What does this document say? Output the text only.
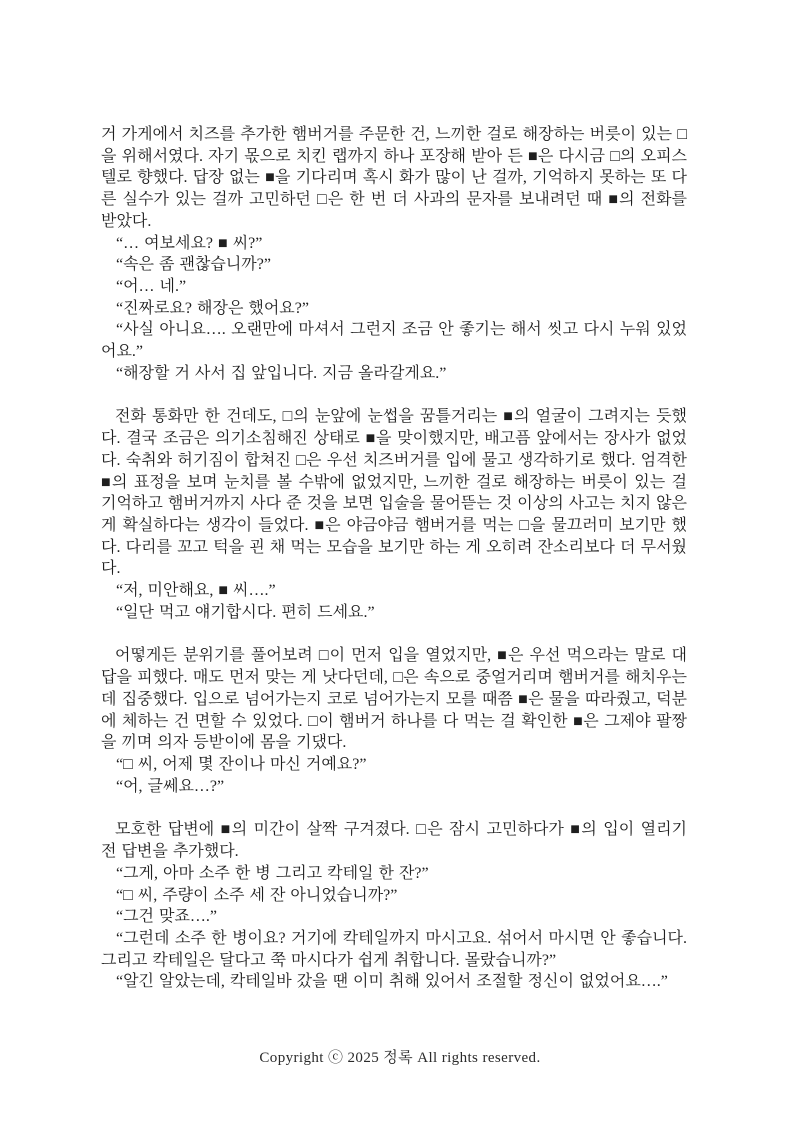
거 가게에서 치즈를 추가한 햄버거를 주문한 건, 느끼한 걸로 해장하는 버릇이 있는 □을 위해서였다. 자기 몫으로 치킨 랩까지 하나 포장해 받아 든 ■은 다시금 □의 오피스텔로 향했다. 답장 없는 ■을 기다리며 혹시 화가 많이 난 걸까, 기억하지 못하는 또 다른 실수가 있는 걸까 고민하던 □은 한 번 더 사과의 문자를 보내려던 때 ■의 전화를 받았다.

“… 여보세요? ■ 씨?”

“속은 좀 괜찮습니까?”

“어… 네.”

“진짜로요? 해장은 했어요?”

“사실 아니요…. 오랜만에 마셔서 그런지 조금 안 좋기는 해서 씻고 다시 누워 있었어요.”

“해장할 거 사서 집 앞입니다. 지금 올라갈게요.”

전화 통화만 한 건데도, □의 눈앞에 눈썹을 꿈틀거리는 ■의 얼굴이 그려지는 듯했다. 결국 조금은 의기소침해진 상태로 ■을 맞이했지만, 배고픔 앞에서는 장사가 없었다. 숙취와 허기짐이 합쳐진 □은 우선 치즈버거를 입에 물고 생각하기로 했다. 엄격한 ■의 표정을 보며 눈치를 볼 수밖에 없었지만, 느끼한 걸로 해장하는 버릇이 있는 걸 기억하고 햄버거까지 사다 준 것을 보면 입술을 물어뜯는 것 이상의 사고는 치지 않은 게 확실하다는 생각이 들었다. ■은 야금야금 햄버거를 먹는 □을 물끄러미 보기만 했다. 다리를 꼬고 턱을 괸 채 먹는 모습을 보기만 하는 게 오히려 잔소리보다 더 무서웠다.

“저, 미안해요, ■ 씨….”

“일단 먹고 얘기합시다. 편히 드세요.”

어떻게든 분위기를 풀어보려 □이 먼저 입을 열었지만, ■은 우선 먹으라는 말로 대답을 피했다. 매도 먼저 맞는 게 낫다던데, □은 속으로 중얼거리며 햄버거를 해치우는 데 집중했다. 입으로 넘어가는지 코로 넘어가는지 모를 때쯤 ■은 물을 따라줬고, 덕분에 체하는 건 면할 수 있었다. □이 햄버거 하나를 다 먹는 걸 확인한 ■은 그제야 팔짱을 끼며 의자 등받이에 몸을 기댔다.

“□ 씨, 어제 몇 잔이나 마신 거예요?”

“어, 글쎄요…?”

모호한 답변에 ■의 미간이 살짝 구겨졌다. □은 잠시 고민하다가 ■의 입이 열리기 전 답변을 추가했다.

“그게, 아마 소주 한 병 그리고 칵테일 한 잔?”

“□ 씨, 주량이 소주 세 잔 아니었습니까?”

“그건 맞죠….”

“그런데 소주 한 병이요? 거기에 칵테일까지 마시고요. 섞어서 마시면 안 좋습니다. 그리고 칵테일은 달다고 쭉 마시다가 쉽게 취합니다. 몰랐습니까?”

“알긴 알았는데, 칵테일바 갔을 땐 이미 취해 있어서 조절할 정신이 없었어요….”

Copyright ⓒ 2025 정록 All rights reserved.
